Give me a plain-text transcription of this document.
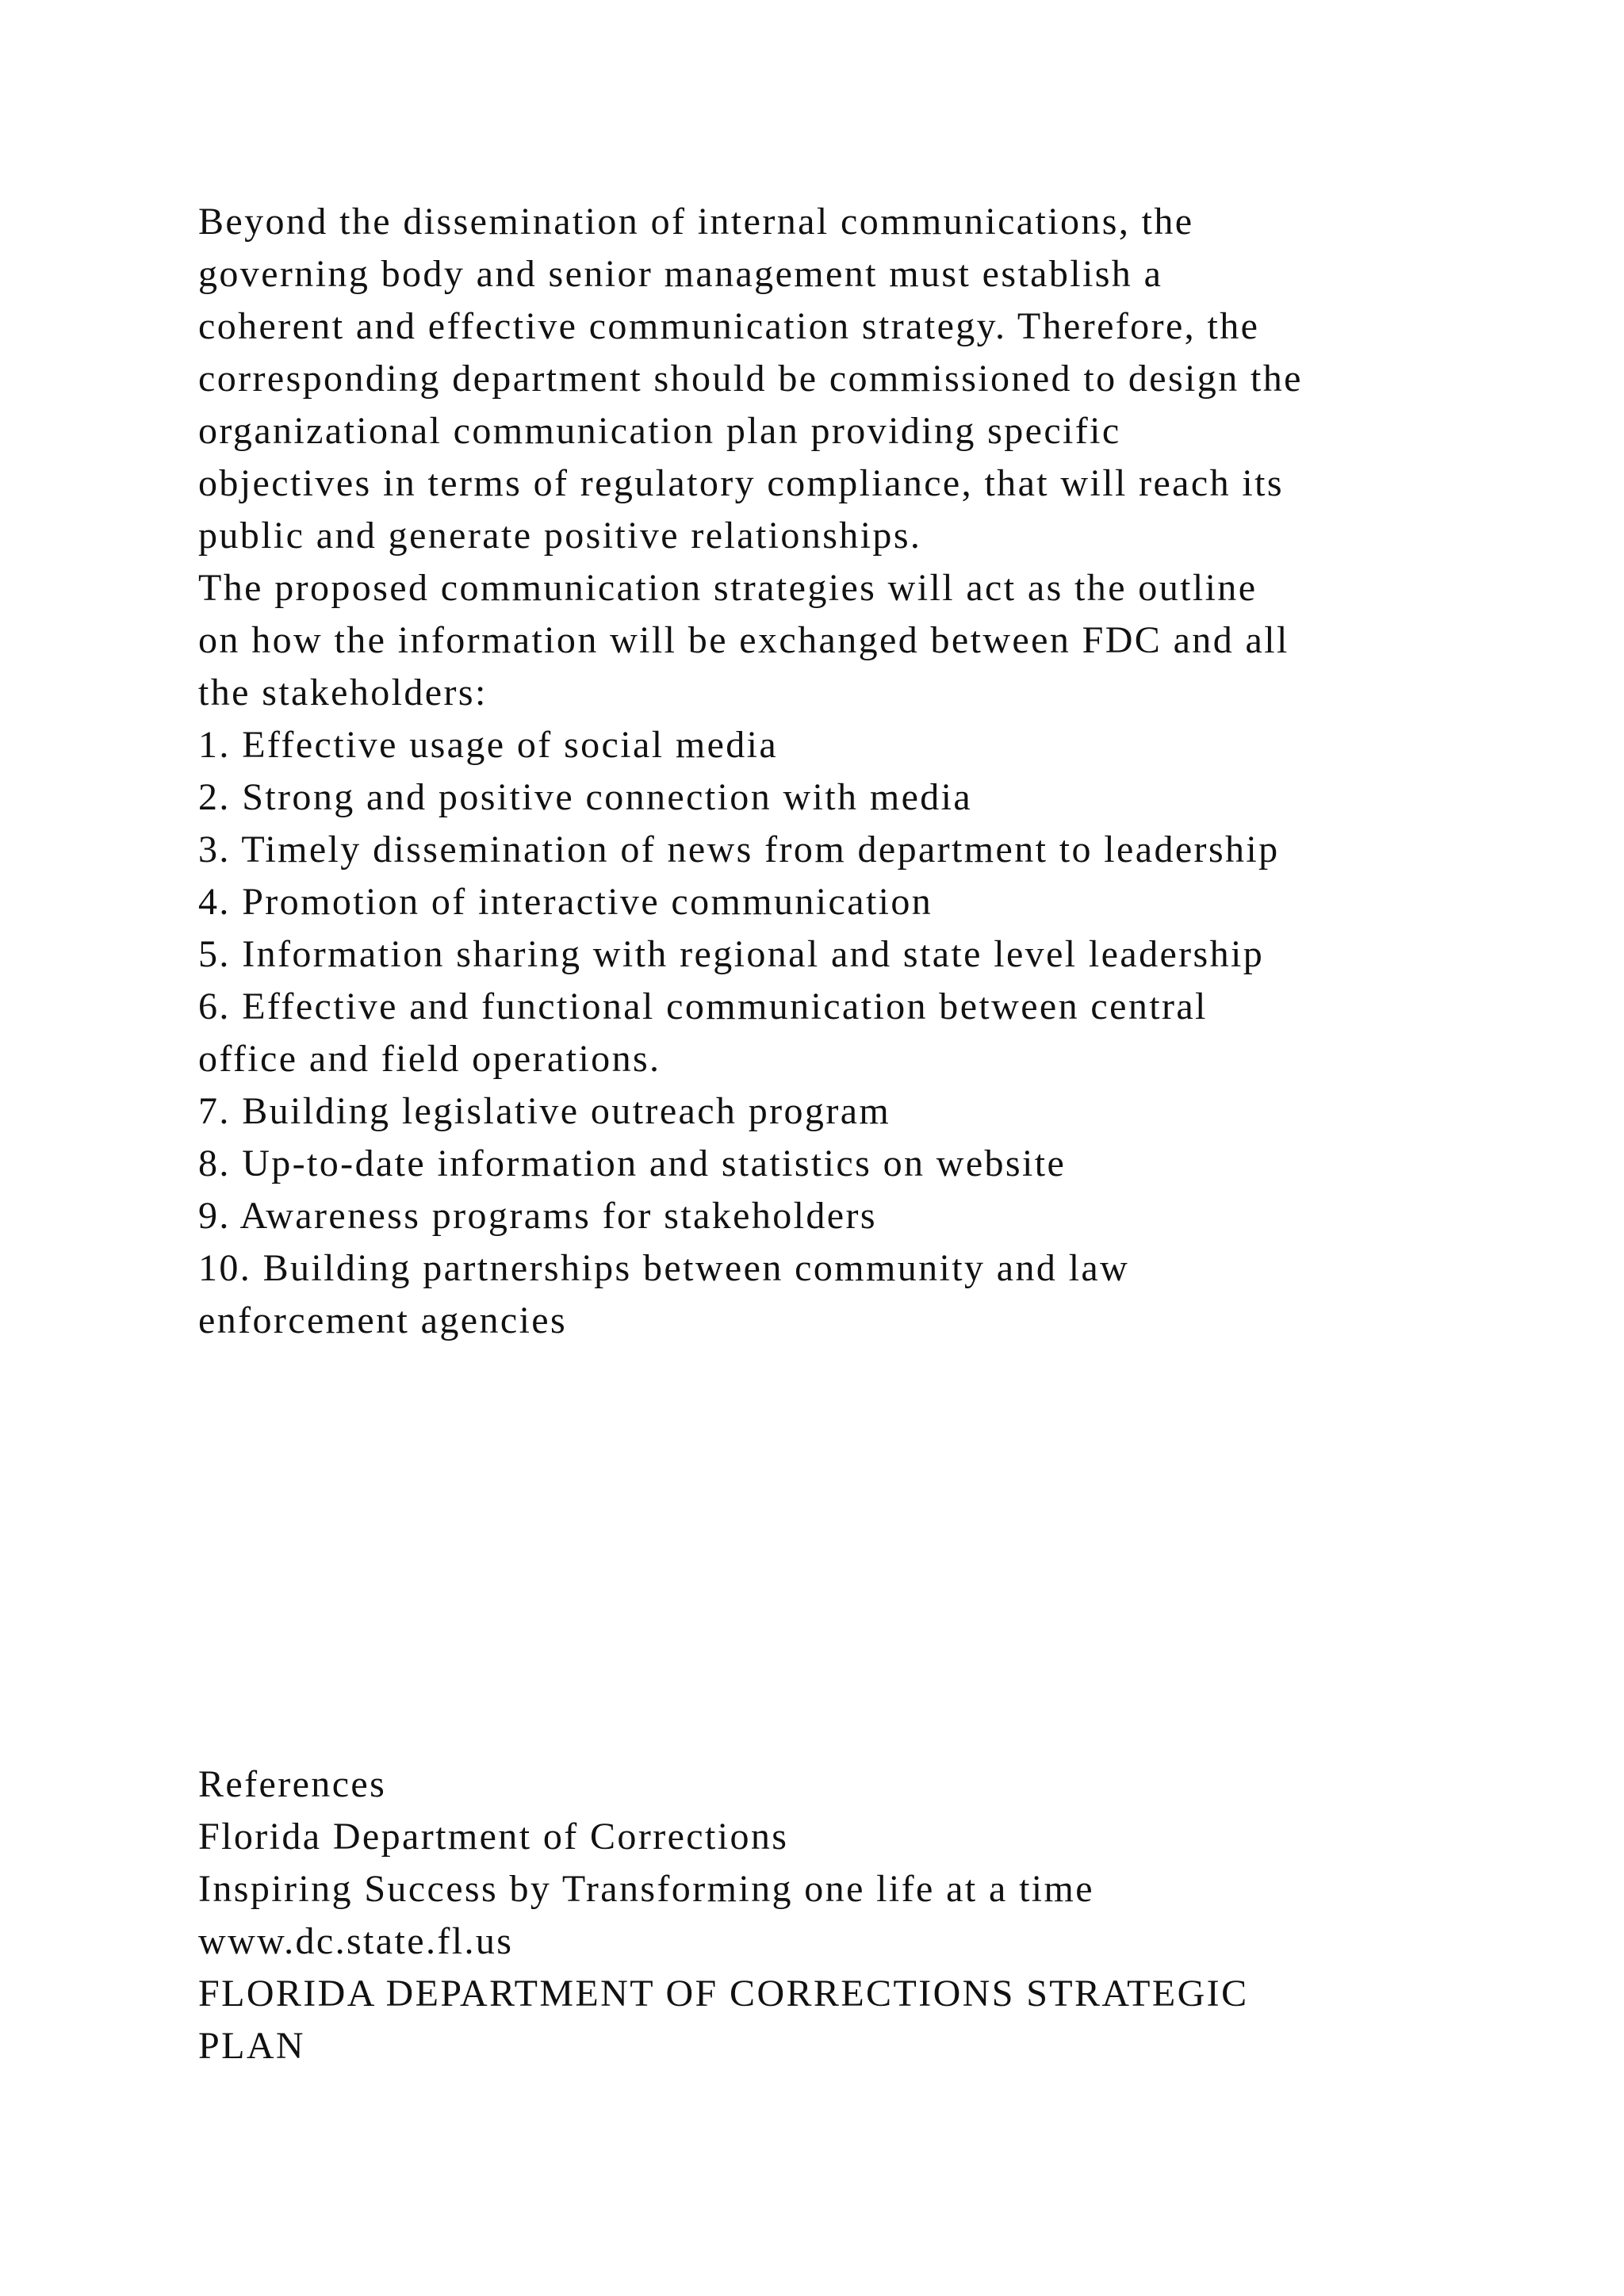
Beyond the dissemination of internal communications, the
governing body and senior management must establish a
coherent and effective communication strategy. Therefore, the
corresponding department should be commissioned to design the
organizational communication plan providing specific
objectives in terms of regulatory compliance, that will reach its
public and generate positive relationships.
The proposed communication strategies will act as the outline
on how the information will be exchanged between FDC and all
the stakeholders:
1. Effective usage of social media
2. Strong and positive connection with media
3. Timely dissemination of news from department to leadership
4. Promotion of interactive communication
5. Information sharing with regional and state level leadership
6. Effective and functional communication between central
office and field operations.
7. Building legislative outreach program
8. Up-to-date information and statistics on website
9. Awareness programs for stakeholders
10. Building partnerships between community and law
enforcement agencies
References
Florida Department of Corrections
Inspiring Success by Transforming one life at a time
www.dc.state.fl.us
FLORIDA DEPARTMENT OF CORRECTIONS STRATEGIC
PLAN
